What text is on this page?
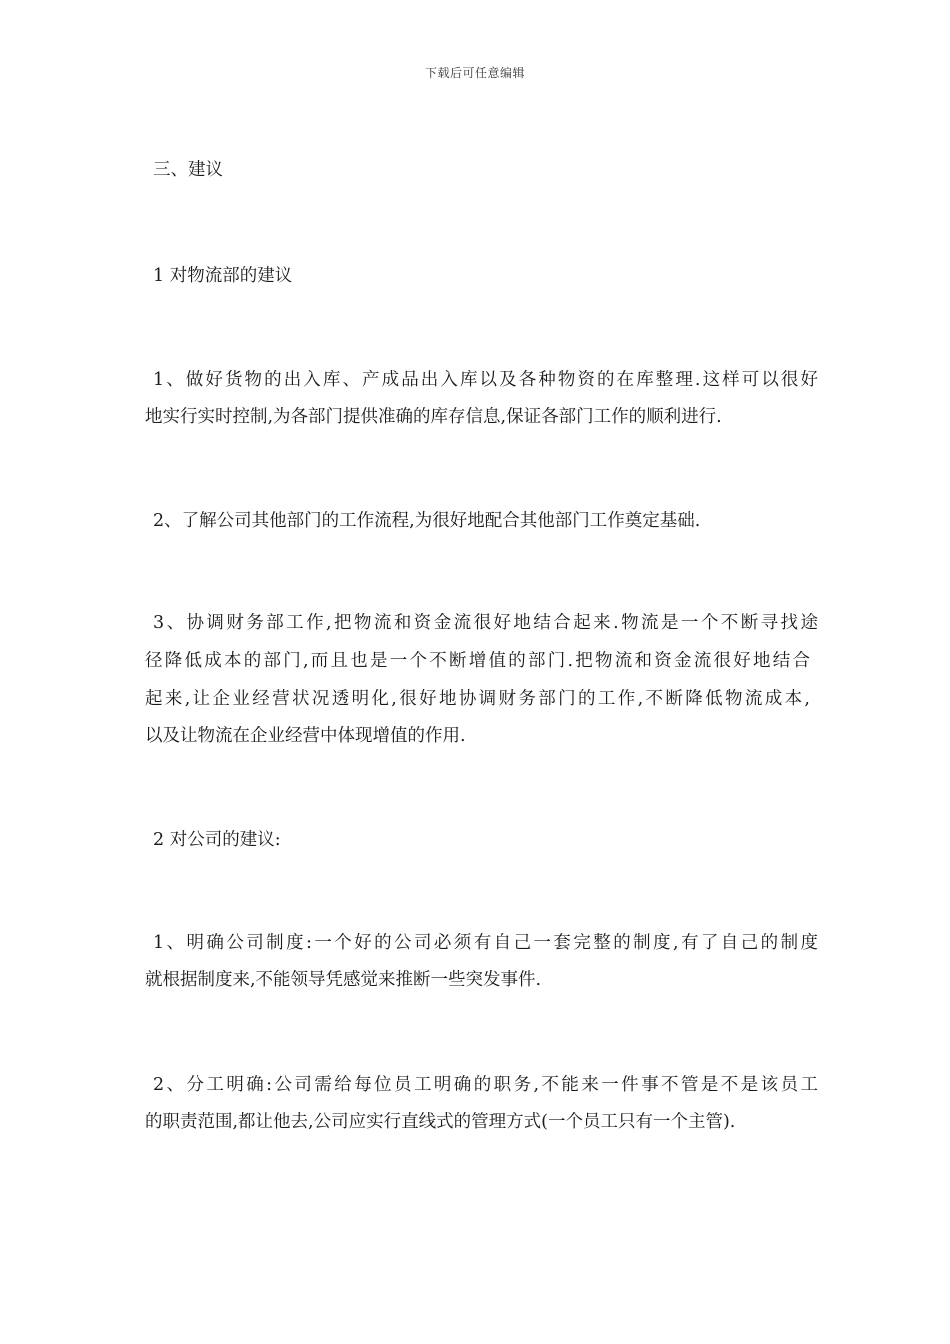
下载后可任意编辑
三、建议
1 对物流部的建议
1、做好货物的出入库、产成品出入库以及各种物资的在库整理.这样可以很好
地实行实时控制,为各部门提供准确的库存信息,保证各部门工作的顺利进行.
2、了解公司其他部门的工作流程,为很好地配合其他部门工作奠定基础.
3、协调财务部工作,把物流和资金流很好地结合起来.物流是一个不断寻找途
径降低成本的部门,而且也是一个不断增值的部门.把物流和资金流很好地结合
起来,让企业经营状况透明化,很好地协调财务部门的工作,不断降低物流成本,
以及让物流在企业经营中体现增值的作用.
2 对公司的建议:
1、明确公司制度:一个好的公司必须有自己一套完整的制度,有了自己的制度
就根据制度来,不能领导凭感觉来推断一些突发事件.
2、分工明确:公司需给每位员工明确的职务,不能来一件事不管是不是该员工
的职责范围,都让他去,公司应实行直线式的管理方式(一个员工只有一个主管).
